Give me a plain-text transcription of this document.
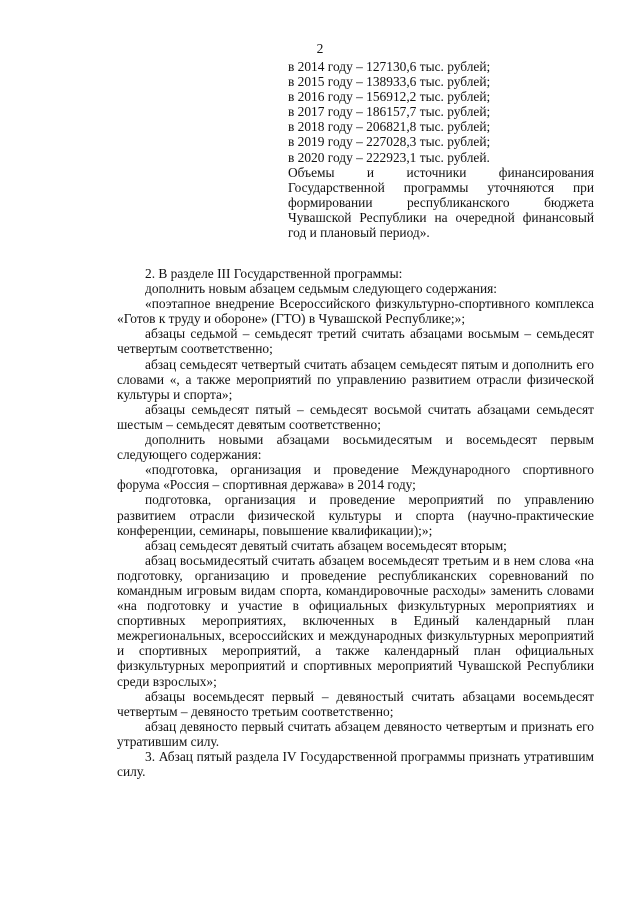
2
в 2014 году – 127130,6 тыс. рублей;
в 2015 году – 138933,6 тыс. рублей;
в 2016 году – 156912,2 тыс. рублей;
в 2017 году – 186157,7 тыс. рублей;
в 2018 году – 206821,8 тыс. рублей;
в 2019 году – 227028,3 тыс. рублей;
в 2020 году – 222923,1 тыс. рублей.
Объемы и источники финансирования Государственной программы уточняются при формировании республиканского бюджета Чувашской Республики на очередной финансовый год и плановый период».

2. В разделе III Государственной программы:

дополнить новым абзацем седьмым следующего содержания:

«поэтапное внедрение Всероссийского физкультурно-спортивного комплекса «Готов к труду и обороне» (ГТО) в Чувашской Республике;»;

абзацы седьмой – семьдесят третий считать абзацами восьмым – семьдесят четвертым соответственно;

абзац семьдесят четвертый считать абзацем семьдесят пятым и дополнить его словами «, а также мероприятий по управлению развитием отрасли физической культуры и спорта»;

абзацы семьдесят пятый – семьдесят восьмой считать абзацами семьдесят шестым – семьдесят девятым соответственно;

дополнить новыми абзацами восьмидесятым и восемьдесят первым следующего содержания:

«подготовка, организация и проведение Международного спортивного форума «Россия – спортивная держава» в 2014 году;

подготовка, организация и проведение мероприятий по управлению развитием отрасли физической культуры и спорта (научно-практические конференции, семинары, повышение квалификации);»;

абзац семьдесят девятый считать абзацем восемьдесят вторым;

абзац восьмидесятый считать абзацем восемьдесят третьим и в нем слова «на подготовку, организацию и проведение республиканских соревнований по командным игровым видам спорта, командировочные расходы» заменить словами «на подготовку и участие в официальных физкультурных мероприятиях и спортивных мероприятиях, включенных в Единый календарный план межрегиональных, всероссийских и международных физкультурных мероприятий и спортивных мероприятий, а также календарный план официальных физкультурных мероприятий и спортивных мероприятий Чувашской Республики среди взрослых»;

абзацы восемьдесят первый – девяностый считать абзацами восемьдесят четвертым – девяносто третьим соответственно;

абзац девяносто первый считать абзацем девяносто четвертым и признать его утратившим силу.

3. Абзац пятый раздела IV Государственной программы признать утратившим силу.
